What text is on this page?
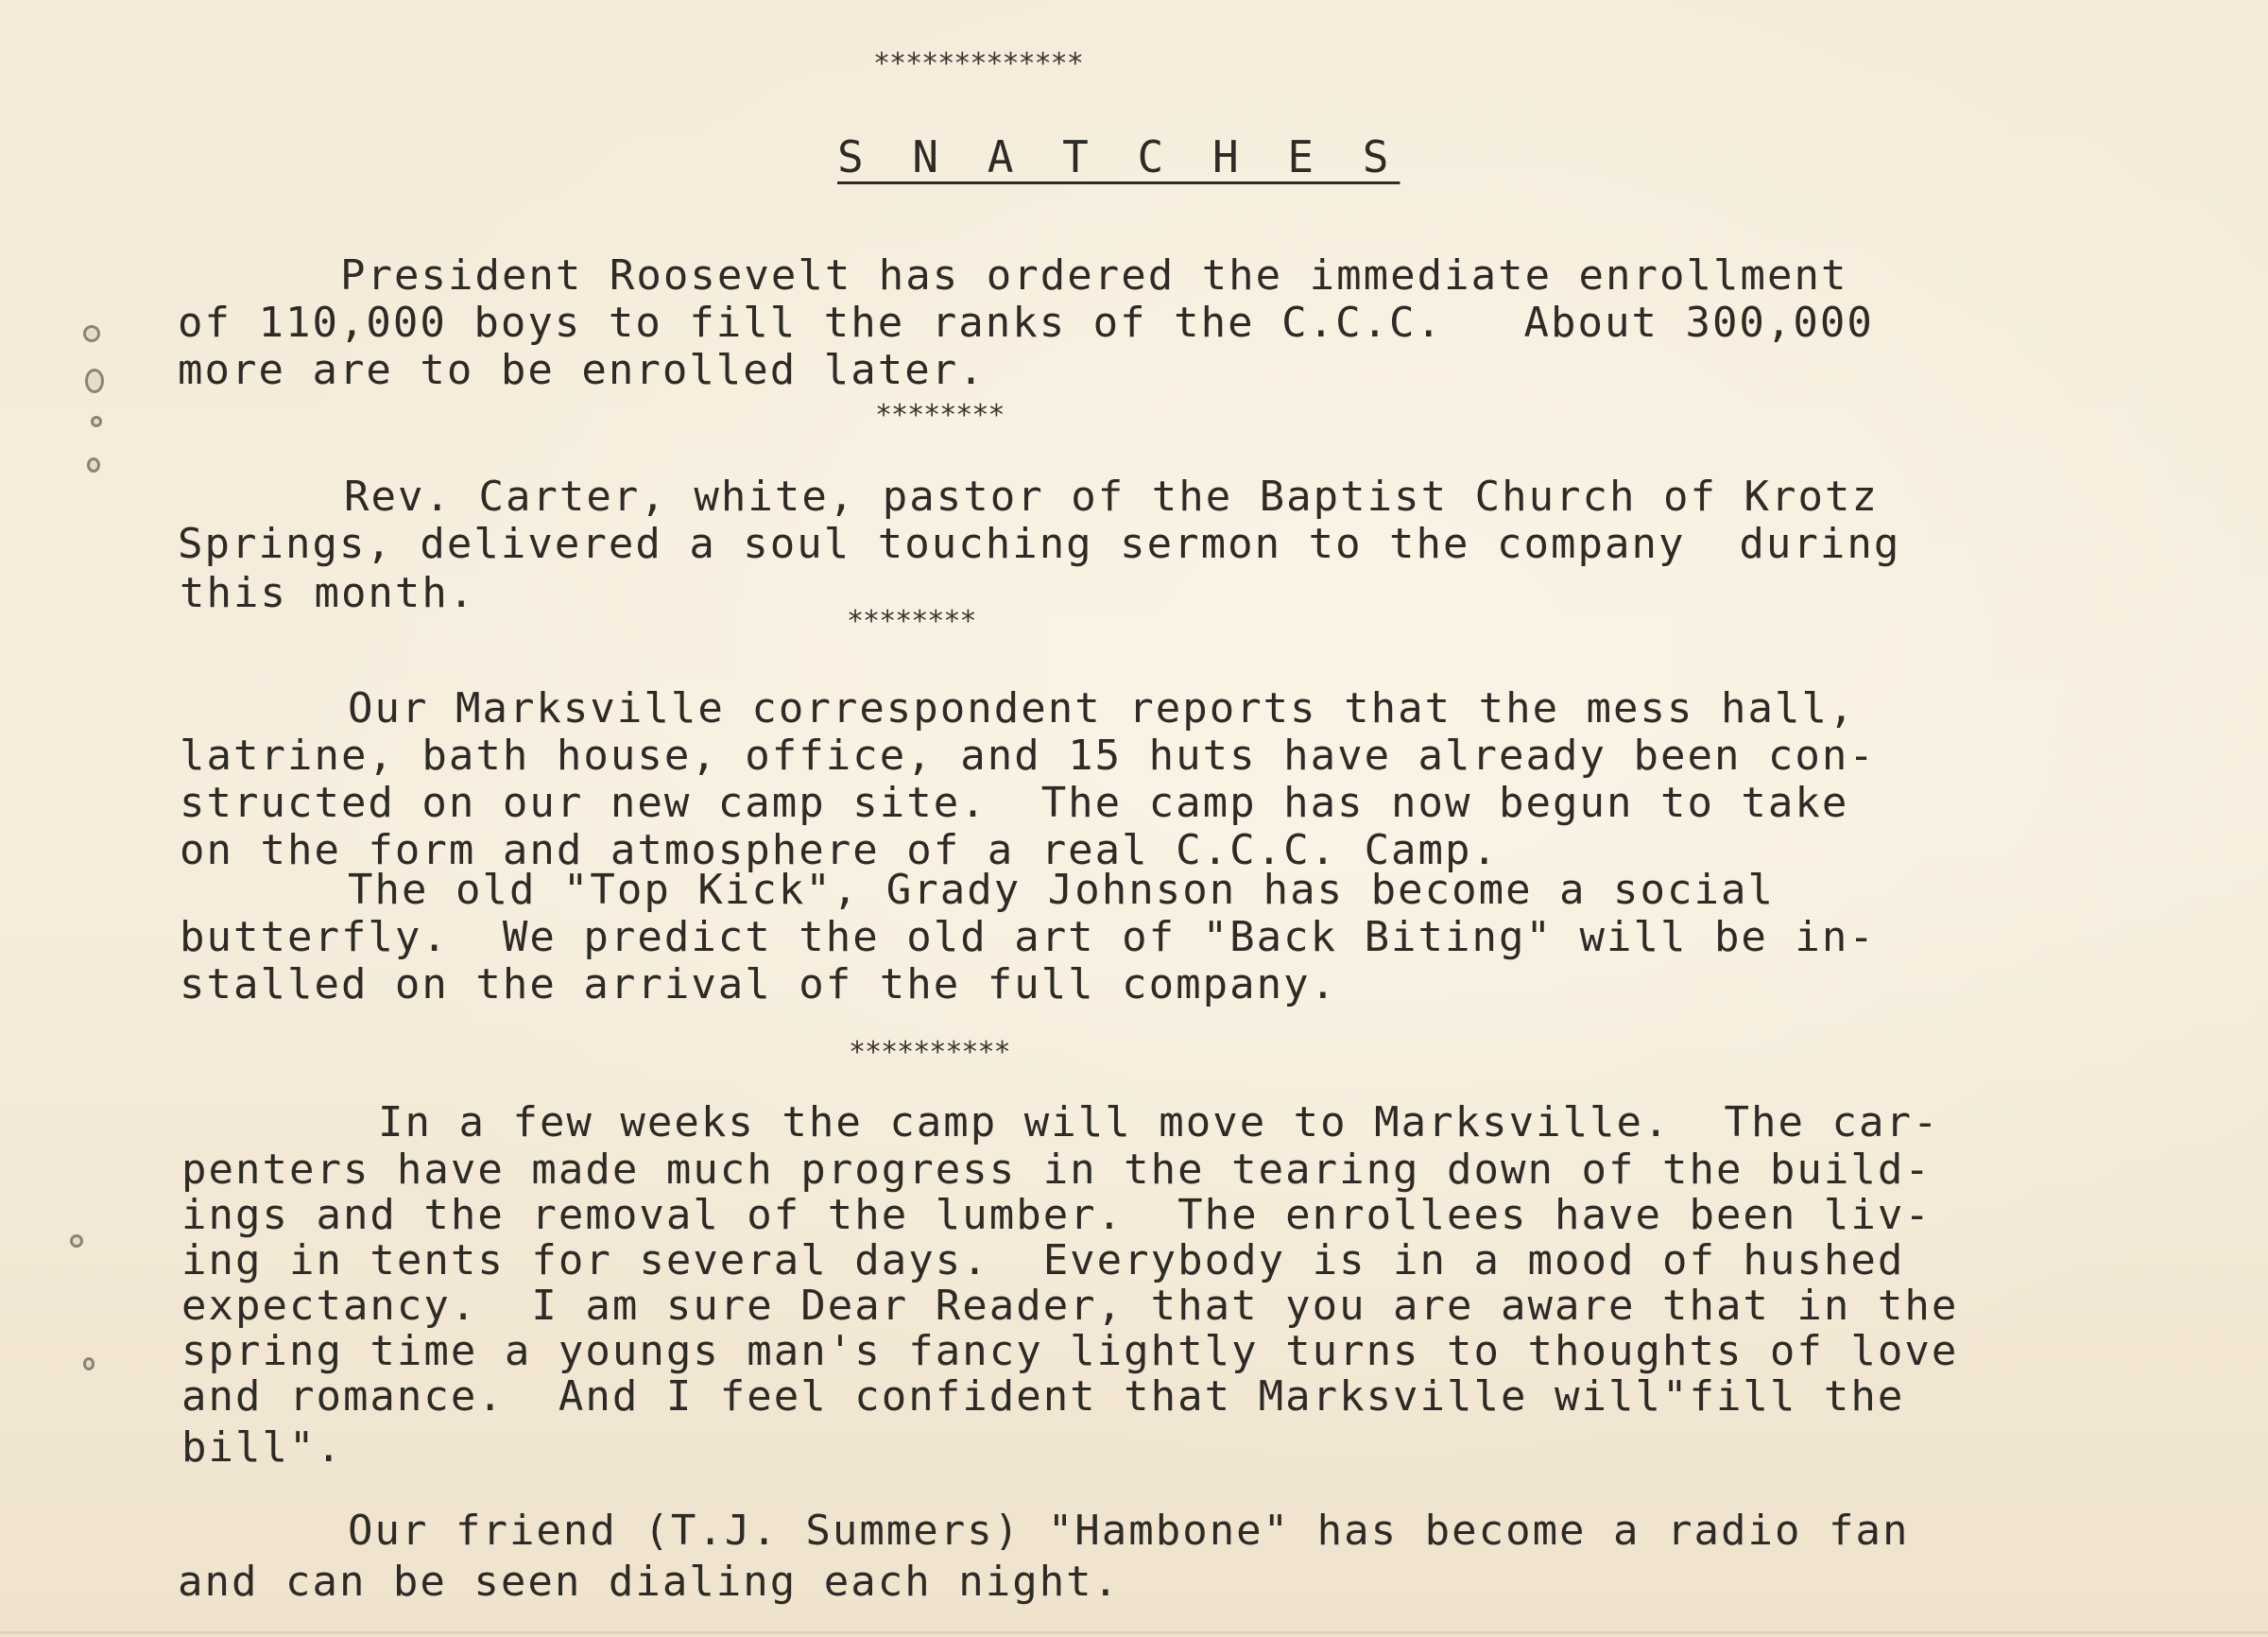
*************
S N A T C H E S
President Roosevelt has ordered the immediate enrollment
of 110,000 boys to fill the ranks of the C.C.C.   About 300,000
more are to be enrolled later.
********
Rev. Carter, white, pastor of the Baptist Church of Krotz
Springs, delivered a soul touching sermon to the company  during
this month.
********
Our Marksville correspondent reports that the mess hall,
latrine, bath house, office, and 15 huts have already been con-
structed on our new camp site.  The camp has now begun to take
on the form and atmosphere of a real C.C.C. Camp.
The old "Top Kick", Grady Johnson has become a social
butterfly.  We predict the old art of "Back Biting" will be in-
stalled on the arrival of the full company.
**********
In a few weeks the camp will move to Marksville.  The car-
penters have made much progress in the tearing down of the build-
ings and the removal of the lumber.  The enrollees have been liv-
ing in tents for several days.  Everybody is in a mood of hushed
expectancy.  I am sure Dear Reader, that you are aware that in the
spring time a youngs man's fancy lightly turns to thoughts of love
and romance.  And I feel confident that Marksville will"fill the
bill".
Our friend (T.J. Summers) "Hambone" has become a radio fan
and can be seen dialing each night.
